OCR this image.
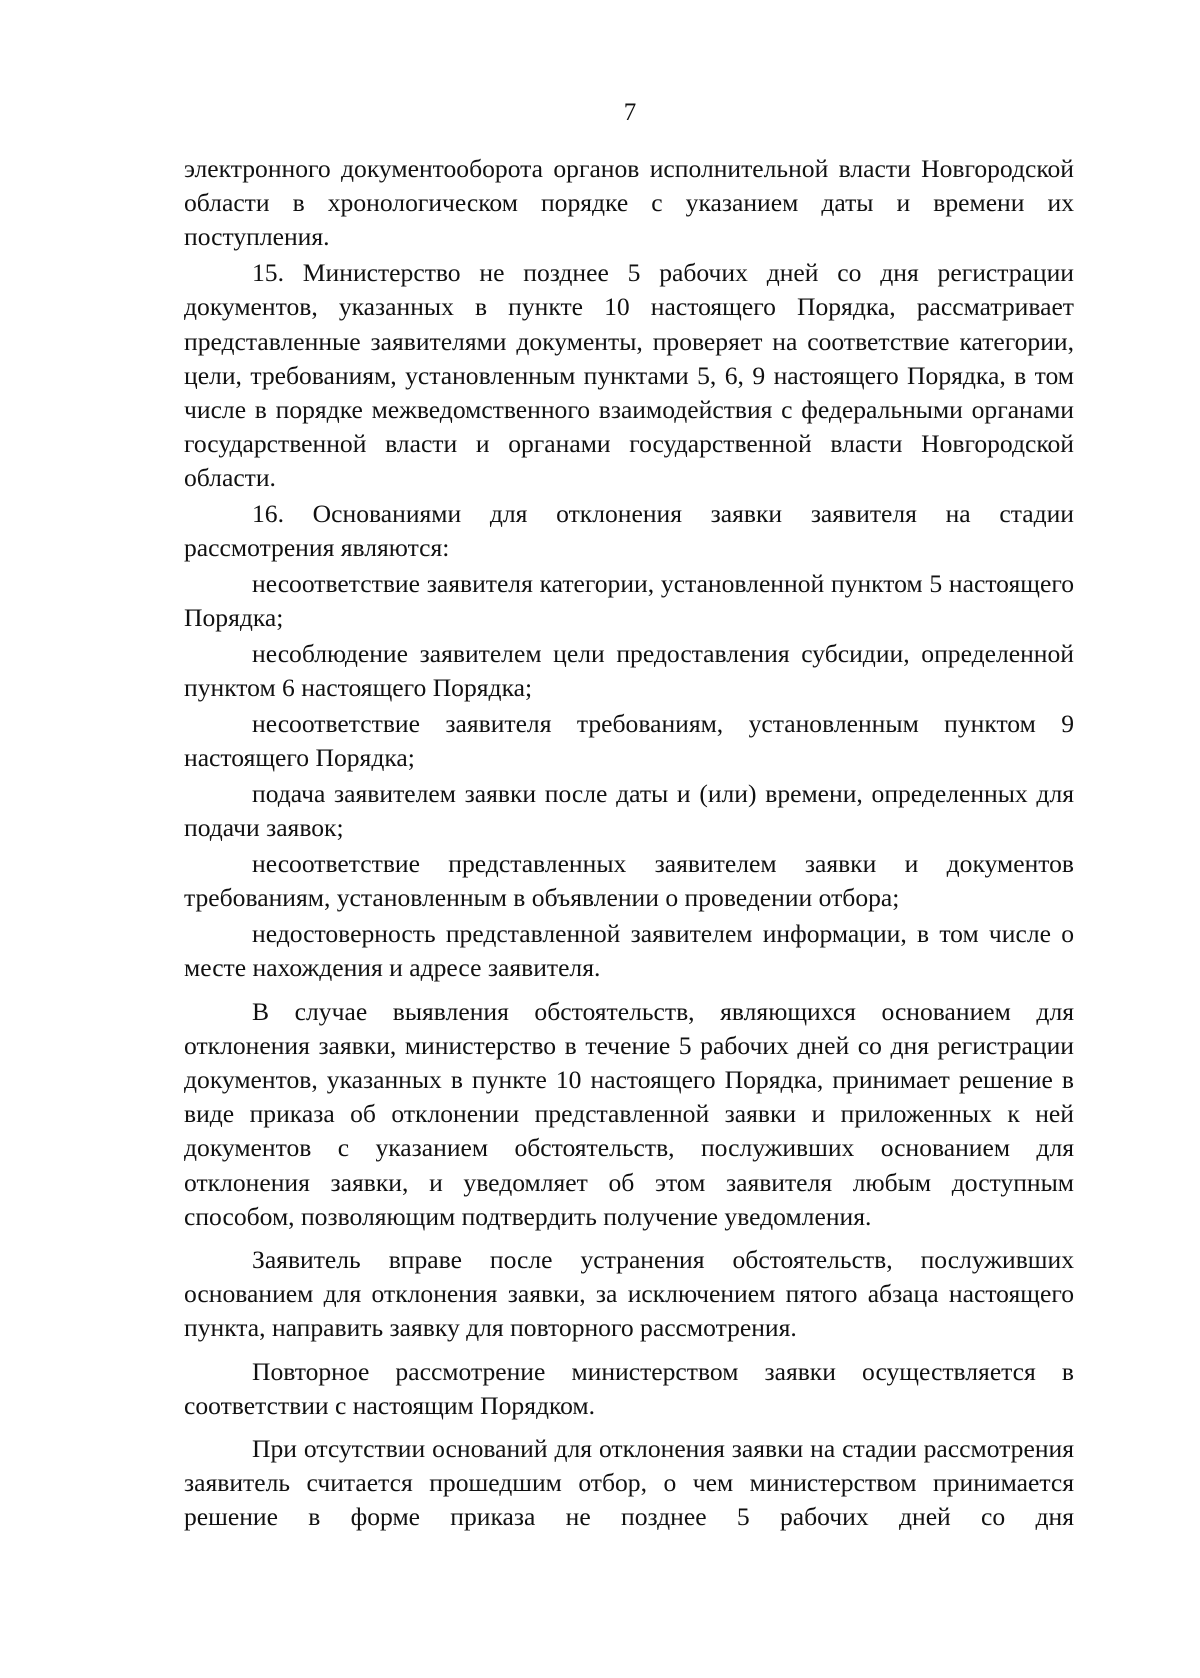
7

электронного документооборота органов исполнительной власти Новгородской области в хронологическом порядке с указанием даты и времени их поступления.

15. Министерство не позднее 5 рабочих дней со дня регистрации документов, указанных в пункте 10 настоящего Порядка, рассматривает представленные заявителями документы, проверяет на соответствие категории, цели, требованиям, установленным пунктами 5, 6, 9 настоящего Порядка, в том числе в порядке межведомственного взаимодействия с федеральными органами государственной власти и органами государственной власти Новгородской области.

16. Основаниями для отклонения заявки заявителя на стадии рассмотрения являются:

несоответствие заявителя категории, установленной пунктом 5 настоящего Порядка;

несоблюдение заявителем цели предоставления субсидии, определенной пунктом 6 настоящего Порядка;

несоответствие заявителя требованиям, установленным пунктом 9 настоящего Порядка;

подача заявителем заявки после даты и (или) времени, определенных для подачи заявок;

несоответствие представленных заявителем заявки и документов требованиям, установленным в объявлении о проведении отбора;

недостоверность представленной заявителем информации, в том числе о месте нахождения и адресе заявителя.

В случае выявления обстоятельств, являющихся основанием для отклонения заявки, министерство в течение 5 рабочих дней со дня регистрации документов, указанных в пункте 10 настоящего Порядка, принимает решение в виде приказа об отклонении представленной заявки и приложенных к ней документов с указанием обстоятельств, послуживших основанием для отклонения заявки, и уведомляет об этом заявителя любым доступным способом, позволяющим подтвердить получение уведомления.

Заявитель вправе после устранения обстоятельств, послуживших основанием для отклонения заявки, за исключением пятого абзаца настоящего пункта, направить заявку для повторного рассмотрения.

Повторное рассмотрение министерством заявки осуществляется в соответствии с настоящим Порядком.

При отсутствии оснований для отклонения заявки на стадии рассмотрения заявитель считается прошедшим отбор, о чем министерством принимается решение в форме приказа не позднее 5 рабочих дней со дня
